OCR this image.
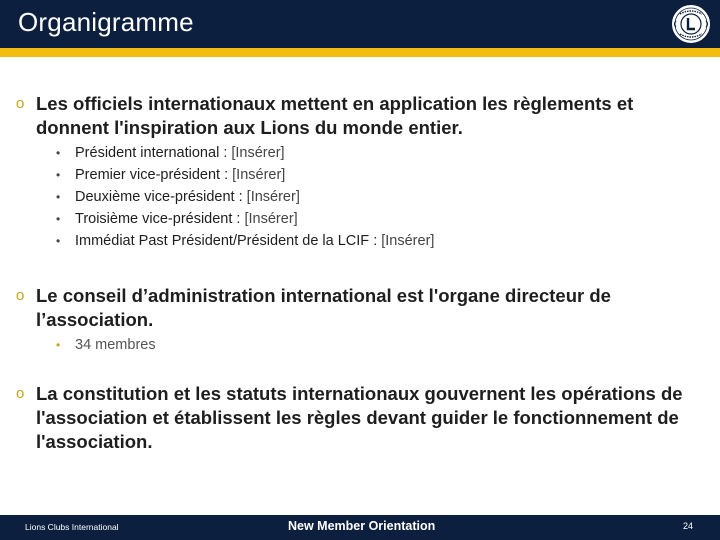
Organigramme
o Les officiels internationaux mettent en application les règlements et donnent l'inspiration aux Lions du monde entier.
• Président international : [Insérer]
• Premier vice-président : [Insérer]
• Deuxième vice-président : [Insérer]
• Troisième vice-président : [Insérer]
• Immédiat Past Président/Président de la LCIF : [Insérer]
o Le conseil d’administration international est l'organe directeur de l’association.
• 34 membres
o La constitution et les statuts internationaux gouvernent les opérations de l'association et établissent les règles devant guider le fonctionnement de l'association.
Lions Clubs International	New Member Orientation	24
